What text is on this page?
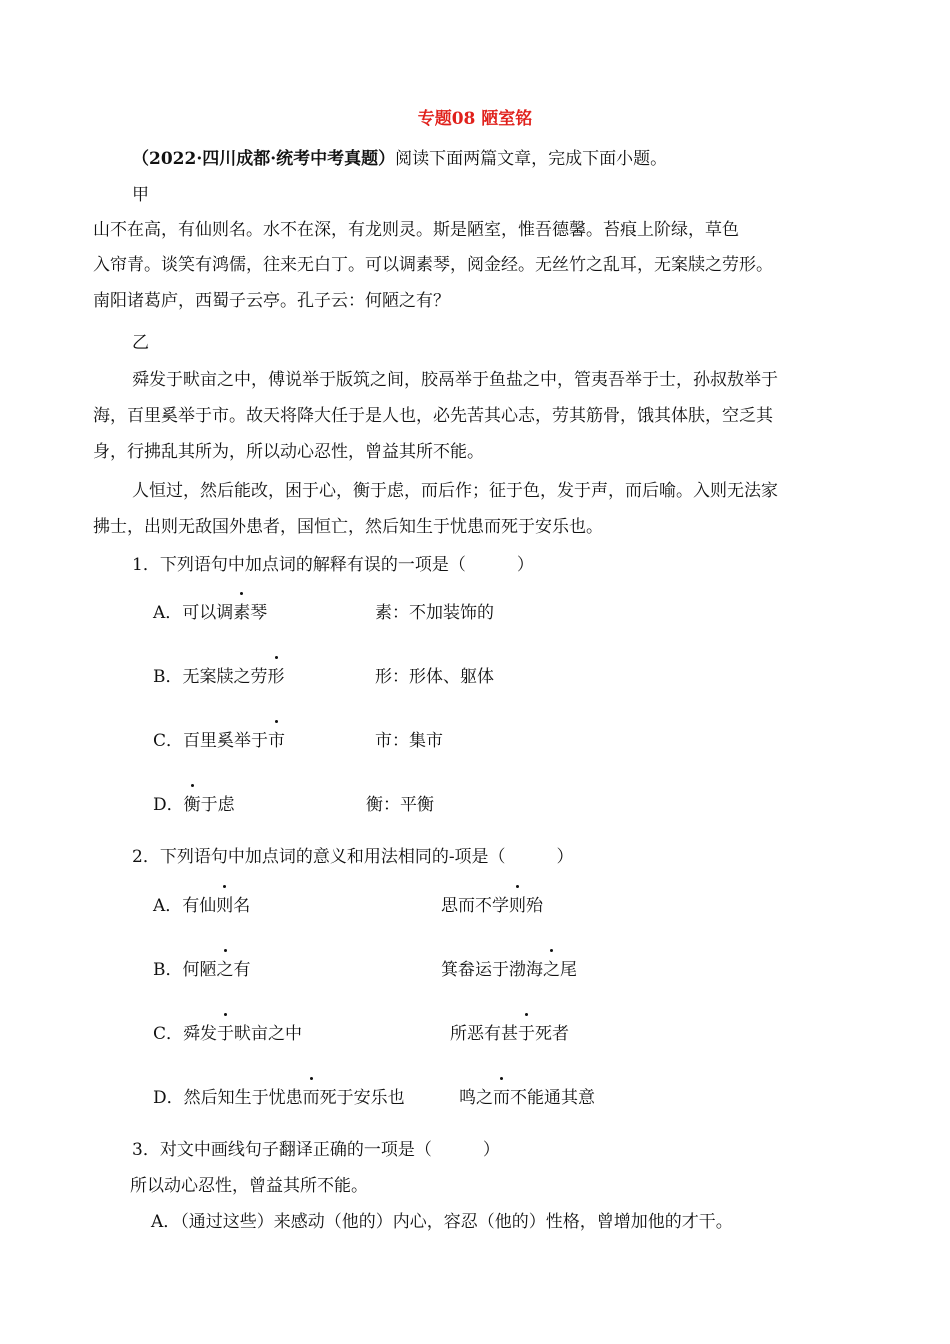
专题08 陋室铭
（2022·四川成都·统考中考真题）阅读下面两篇文章，完成下面小题。
甲
山不在高，有仙则名。水不在深，有龙则灵。斯是陋室，惟吾德馨。苔痕上阶绿，草色
入帘青。谈笑有鸿儒，往来无白丁。可以调素琴，阅金经。无丝竹之乱耳，无案牍之劳形。
南阳诸葛庐，西蜀子云亭。孔子云：何陋之有？
乙
舜发于畎亩之中，傅说举于版筑之间，胶鬲举于鱼盐之中，管夷吾举于士，孙叔敖举于
海，百里奚举于市。故天将降大任于是人也，必先苦其心志，劳其筋骨，饿其体肤，空乏其
身，行拂乱其所为，所以动心忍性，曾益其所不能。
人恒过，然后能改，困于心，衡于虑，而后作；征于色，发于声，而后喻。入则无法家
拂士，出则无敌国外患者，国恒亡，然后知生于忧患而死于安乐也。
1．下列语句中加点词的解释有误的一项是（　　　）
A．可以调素琴	素：不加装饰的
B．无案牍之劳形	形：形体、躯体
C．百里奚举于市	市：集市
D．衡于虑	衡：平衡
2．下列语句中加点词的意义和用法相同的-项是（　　　）
A．有仙则名	思而不学则殆
B．何陋之有	箕畚运于渤海之尾
C．舜发于畎亩之中	所恶有甚于死者
D．然后知生于忧患而死于安乐也	鸣之而不能通其意
3．对文中画线句子翻译正确的一项是（　　　）
所以动心忍性，曾益其所不能。
A．（通过这些）来感动（他的）内心，容忍（他的）性格，曾增加他的才干。
